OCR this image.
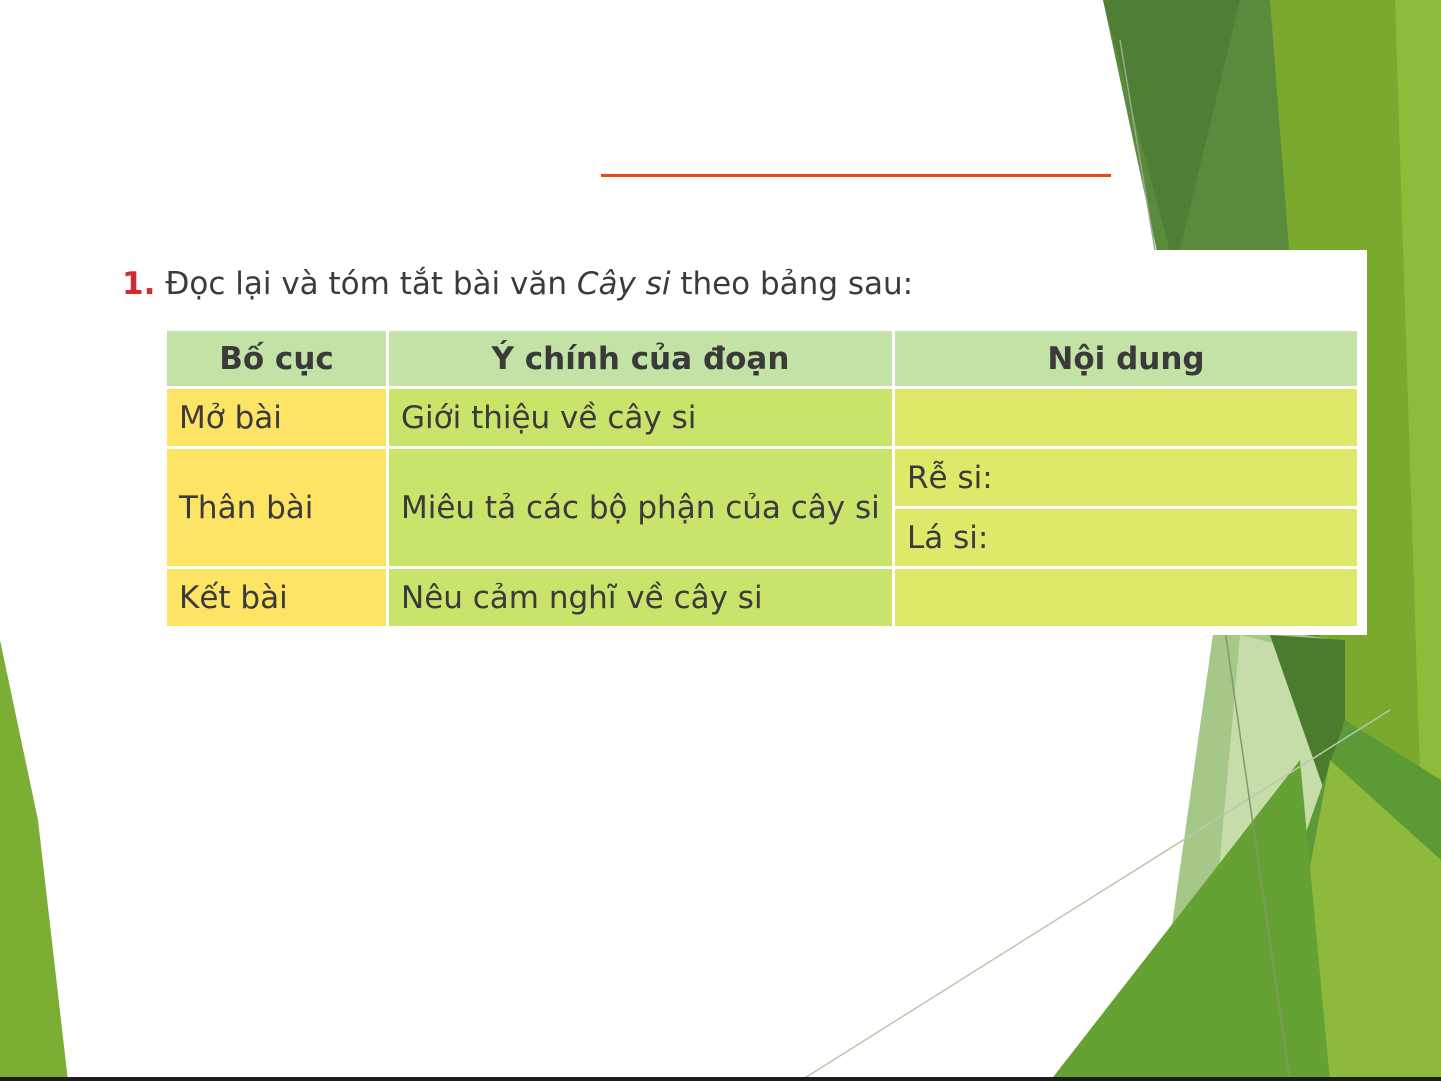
1. Đọc lại và tóm tắt bài văn Cây si theo bảng sau:
Bố cục	Ý chính của đoạn	Nội dung
Mở bài	Giới thiệu về cây si	
Thân bài	Miêu tả các bộ phận của cây si	Rễ si:
		Lá si:
Kết bài	Nêu cảm nghĩ về cây si	
